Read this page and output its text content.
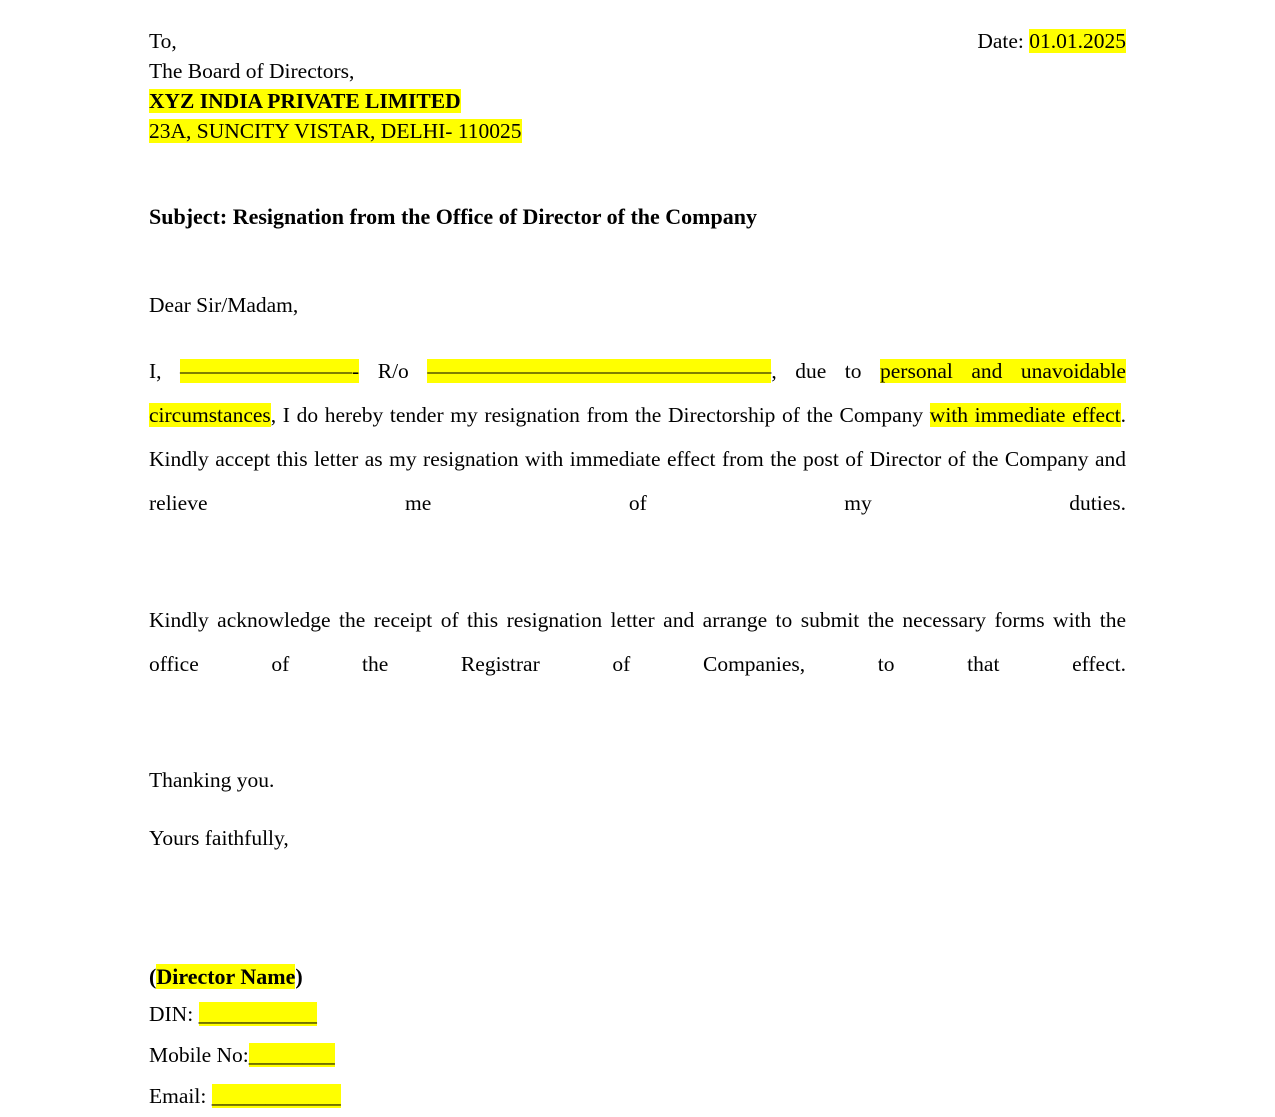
To,	Date: 01.01.2025
The Board of Directors,
XYZ INDIA PRIVATE LIMITED
23A, SUNCITY VISTAR, DELHI- 110025
Subject: Resignation from the Office of Director of the Company
Dear Sir/Madam,
I, ————————- R/o ————————————————, due to personal and unavoidable circumstances, I do hereby tender my resignation from the Directorship of the Company with immediate effect. Kindly accept this letter as my resignation with immediate effect from the post of Director of the Company and relieve me of my duties.
Kindly acknowledge the receipt of this resignation letter and arrange to submit the necessary forms with the office of the Registrar of Companies, to that effect.
Thanking you.
Yours faithfully,
(Director Name)
DIN: ___________
Mobile No:________
Email: ____________
